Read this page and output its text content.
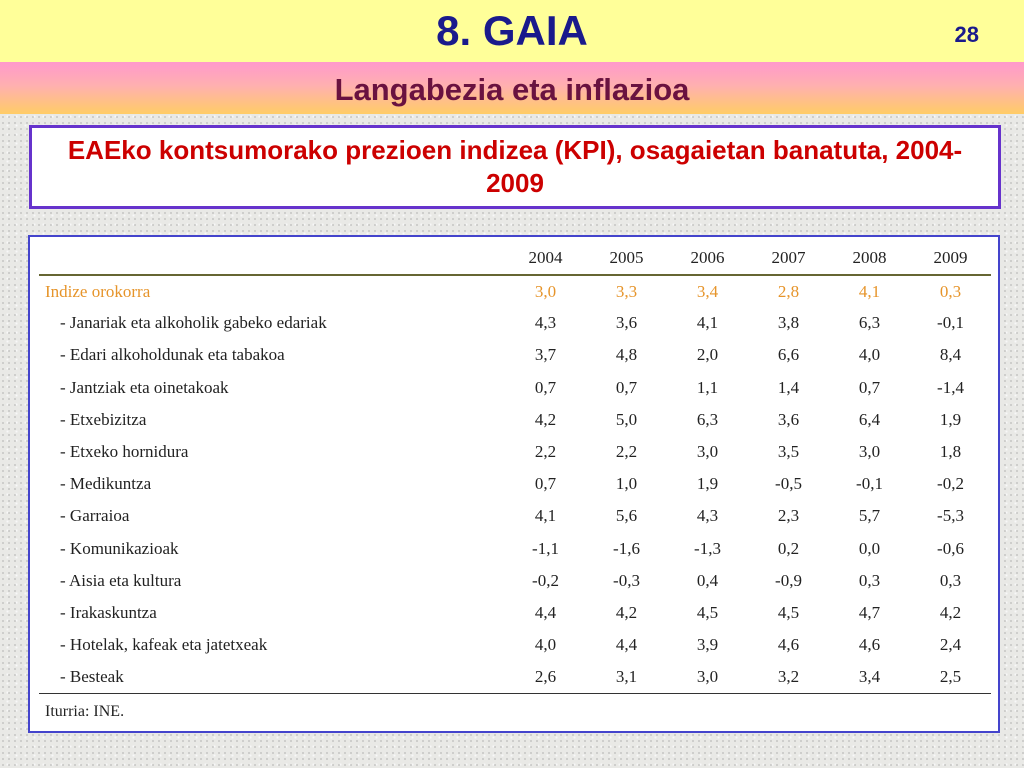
8. GAIA	28
Langabezia eta inflazioa
EAEko kontsumorako prezioen indizea (KPI), osagaietan banatuta, 2004-2009
	2004	2005	2006	2007	2008	2009
Indize orokorra	3,0	3,3	3,4	2,8	4,1	0,3
- Janariak eta alkoholik gabeko edariak	4,3	3,6	4,1	3,8	6,3	-0,1
- Edari alkoholdunak eta tabakoa	3,7	4,8	2,0	6,6	4,0	8,4
- Jantziak eta oinetakoak	0,7	0,7	1,1	1,4	0,7	-1,4
- Etxebizitza	4,2	5,0	6,3	3,6	6,4	1,9
- Etxeko hornidura	2,2	2,2	3,0	3,5	3,0	1,8
- Medikuntza	0,7	1,0	1,9	-0,5	-0,1	-0,2
- Garraioa	4,1	5,6	4,3	2,3	5,7	-5,3
- Komunikazioak	-1,1	-1,6	-1,3	0,2	0,0	-0,6
- Aisia eta kultura	-0,2	-0,3	0,4	-0,9	0,3	0,3
- Irakaskuntza	4,4	4,2	4,5	4,5	4,7	4,2
- Hotelak, kafeak eta jatetxeak	4,0	4,4	3,9	4,6	4,6	2,4
- Besteak	2,6	3,1	3,0	3,2	3,4	2,5
Iturria: INE.
